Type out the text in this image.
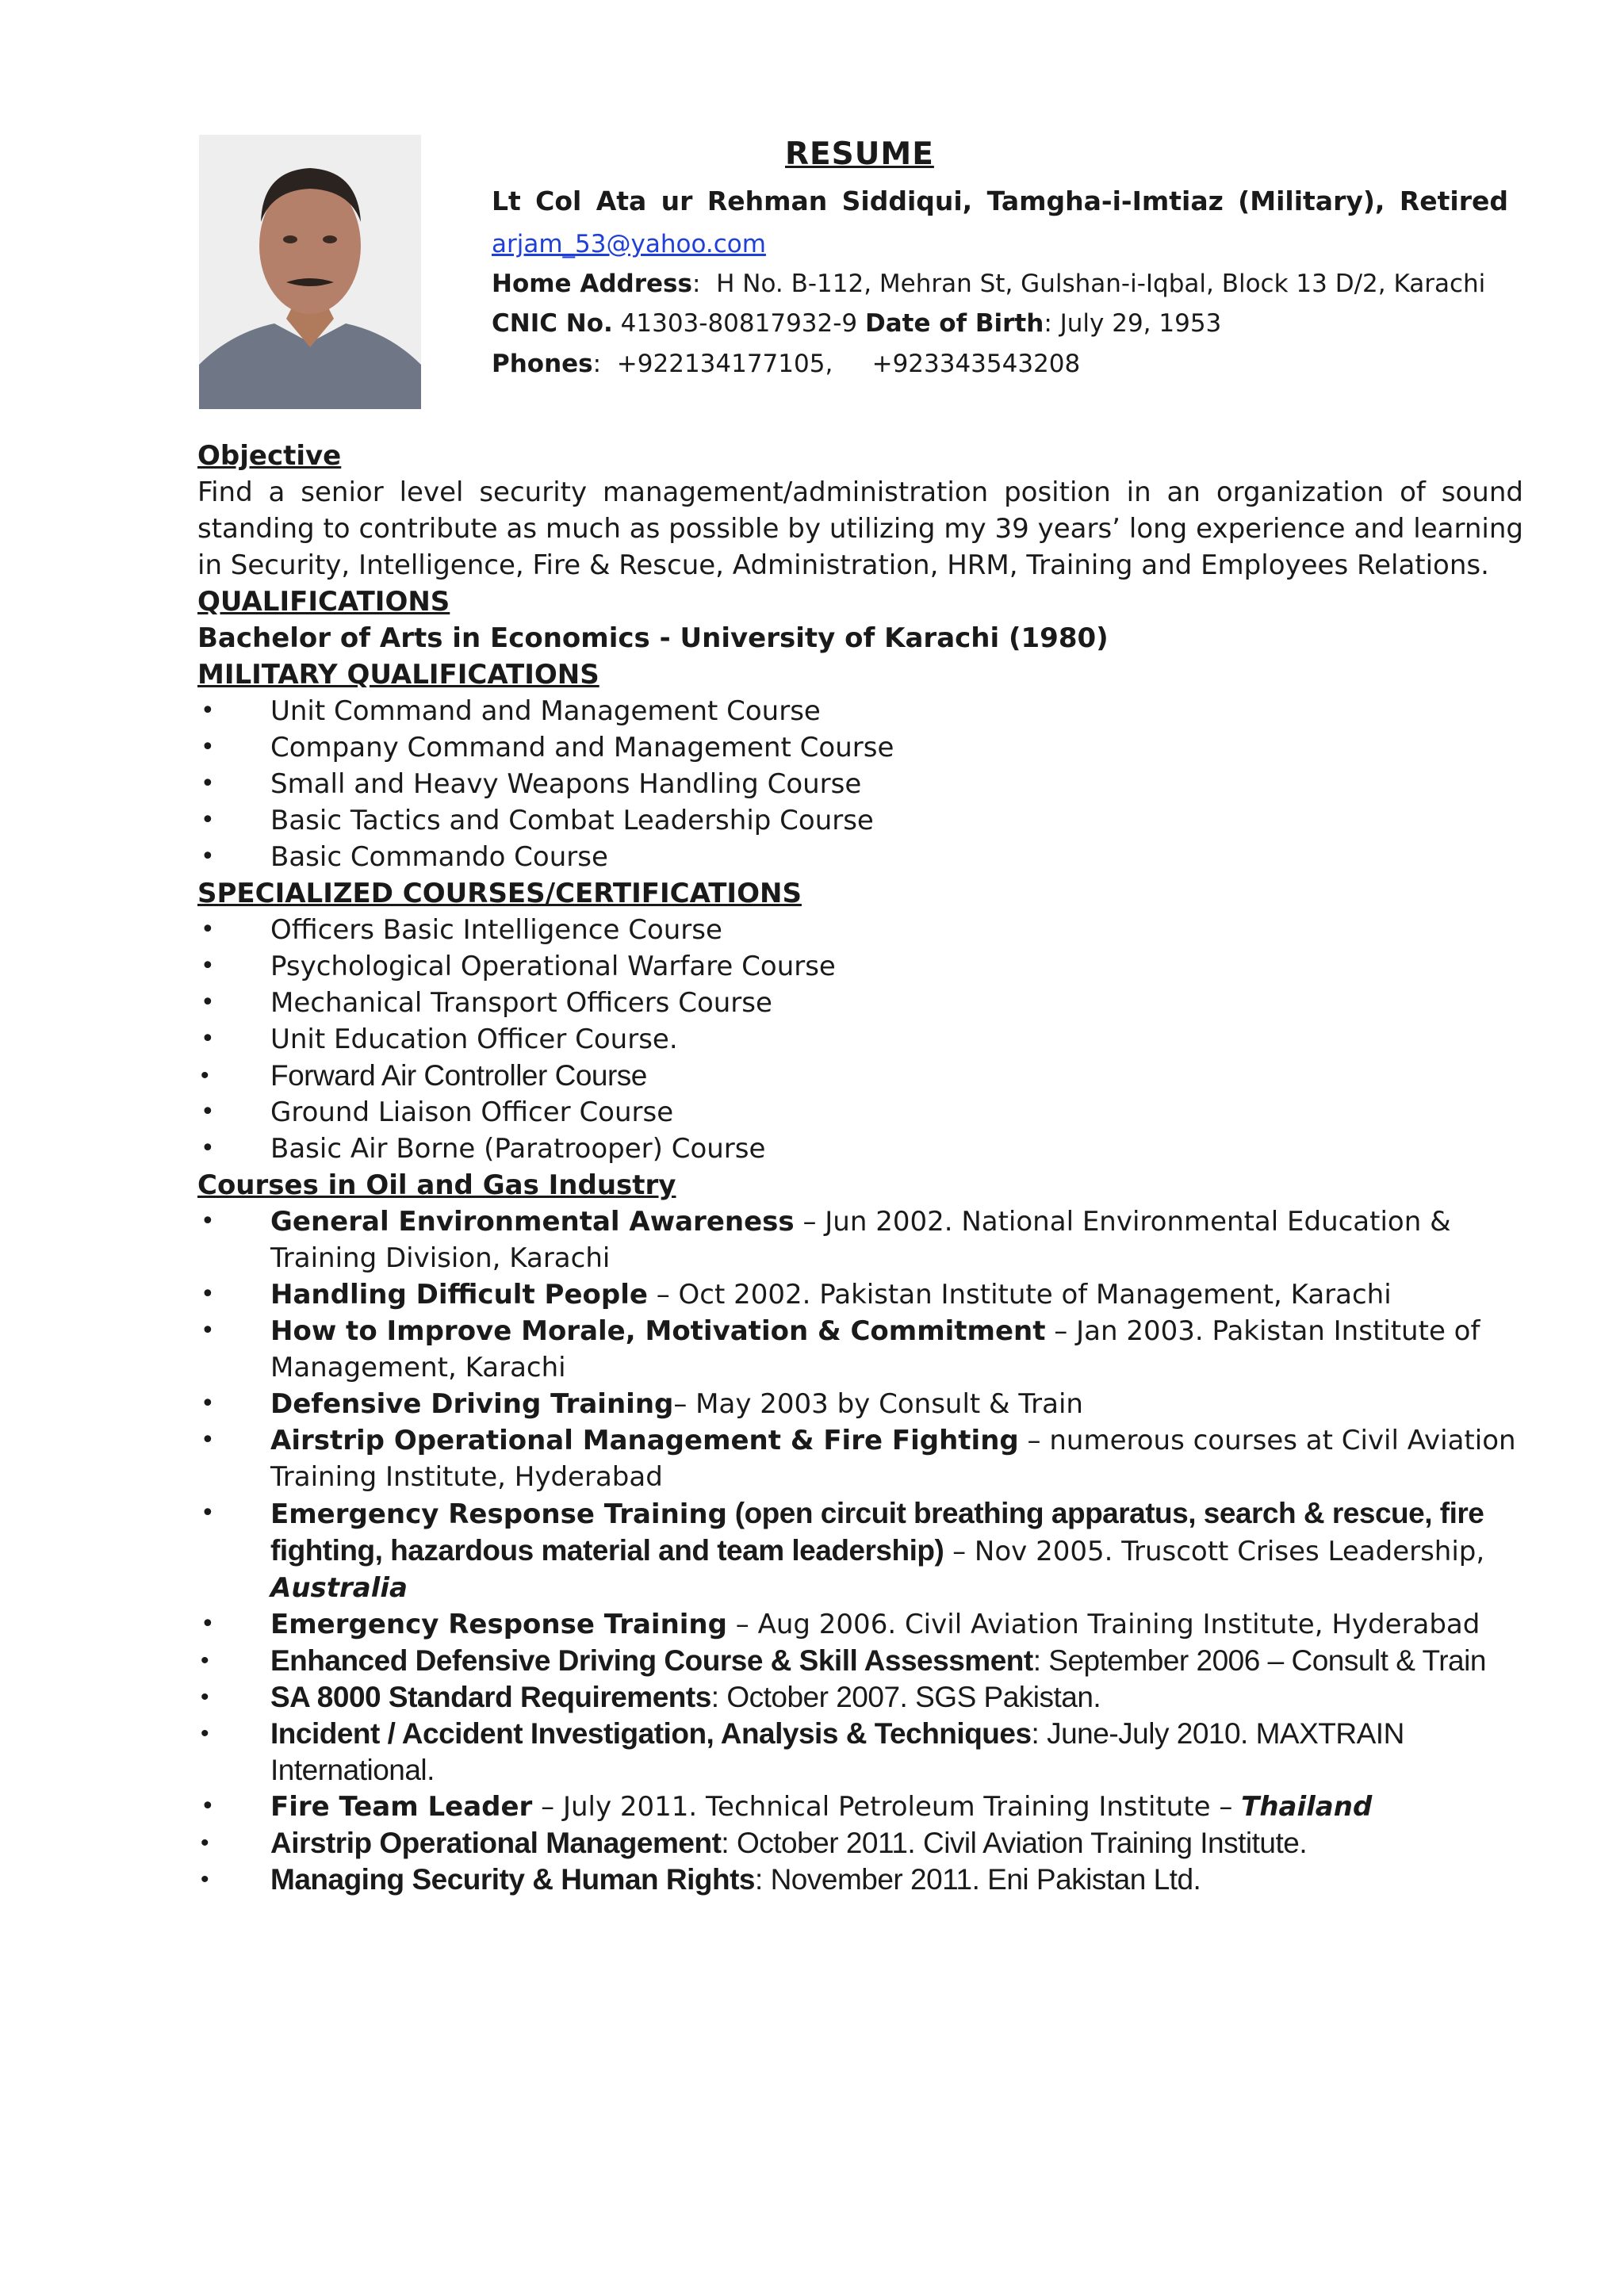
RESUME
Lt Col Ata ur Rehman Siddiqui, Tamgha-i-Imtiaz (Military), Retired
arjam_53@yahoo.com
Home Address:  H No. B-112, Mehran St, Gulshan-i-Iqbal, Block 13 D/2, Karachi
CNIC No. 41303-80817932-9 Date of Birth: July 29, 1953
Phones:  +922134177105, +923343543208

Objective

Find a senior level security management/administration position in an organization of sound standing to contribute as much as possible by utilizing my 39 years’ long experience and learning in Security, Intelligence, Fire & Rescue, Administration, HRM, Training and Employees Relations.

QUALIFICATIONS

Bachelor of Arts in Economics - University of Karachi (1980)

MILITARY QUALIFICATIONS

• Unit Command and Management Course
• Company Command and Management Course
• Small and Heavy Weapons Handling Course
• Basic Tactics and Combat Leadership Course
• Basic Commando Course

SPECIALIZED COURSES/CERTIFICATIONS

• Officers Basic Intelligence Course
• Psychological Operational Warfare Course
• Mechanical Transport Officers Course
• Unit Education Officer Course.
• Forward Air Controller Course
• Ground Liaison Officer Course
• Basic Air Borne (Paratrooper) Course

Courses in Oil and Gas Industry

• General Environmental Awareness – Jun 2002. National Environmental Education & Training Division, Karachi
• Handling Difficult People – Oct 2002. Pakistan Institute of Management, Karachi
• How to Improve Morale, Motivation & Commitment – Jan 2003. Pakistan Institute of Management, Karachi
• Defensive Driving Training– May 2003 by Consult & Train
• Airstrip Operational Management & Fire Fighting – numerous courses at Civil Aviation Training Institute, Hyderabad
• Emergency Response Training (open circuit breathing apparatus, search & rescue, fire fighting, hazardous material and team leadership) – Nov 2005. Truscott Crises Leadership, Australia
• Emergency Response Training – Aug 2006. Civil Aviation Training Institute, Hyderabad
• Enhanced Defensive Driving Course & Skill Assessment: September 2006 – Consult & Train
• SA 8000 Standard Requirements: October 2007. SGS Pakistan.
• Incident / Accident Investigation, Analysis & Techniques: June-July 2010. MAXTRAIN International.
• Fire Team Leader – July 2011. Technical Petroleum Training Institute – Thailand
• Airstrip Operational Management: October 2011. Civil Aviation Training Institute.
• Managing Security & Human Rights: November 2011. Eni Pakistan Ltd.
